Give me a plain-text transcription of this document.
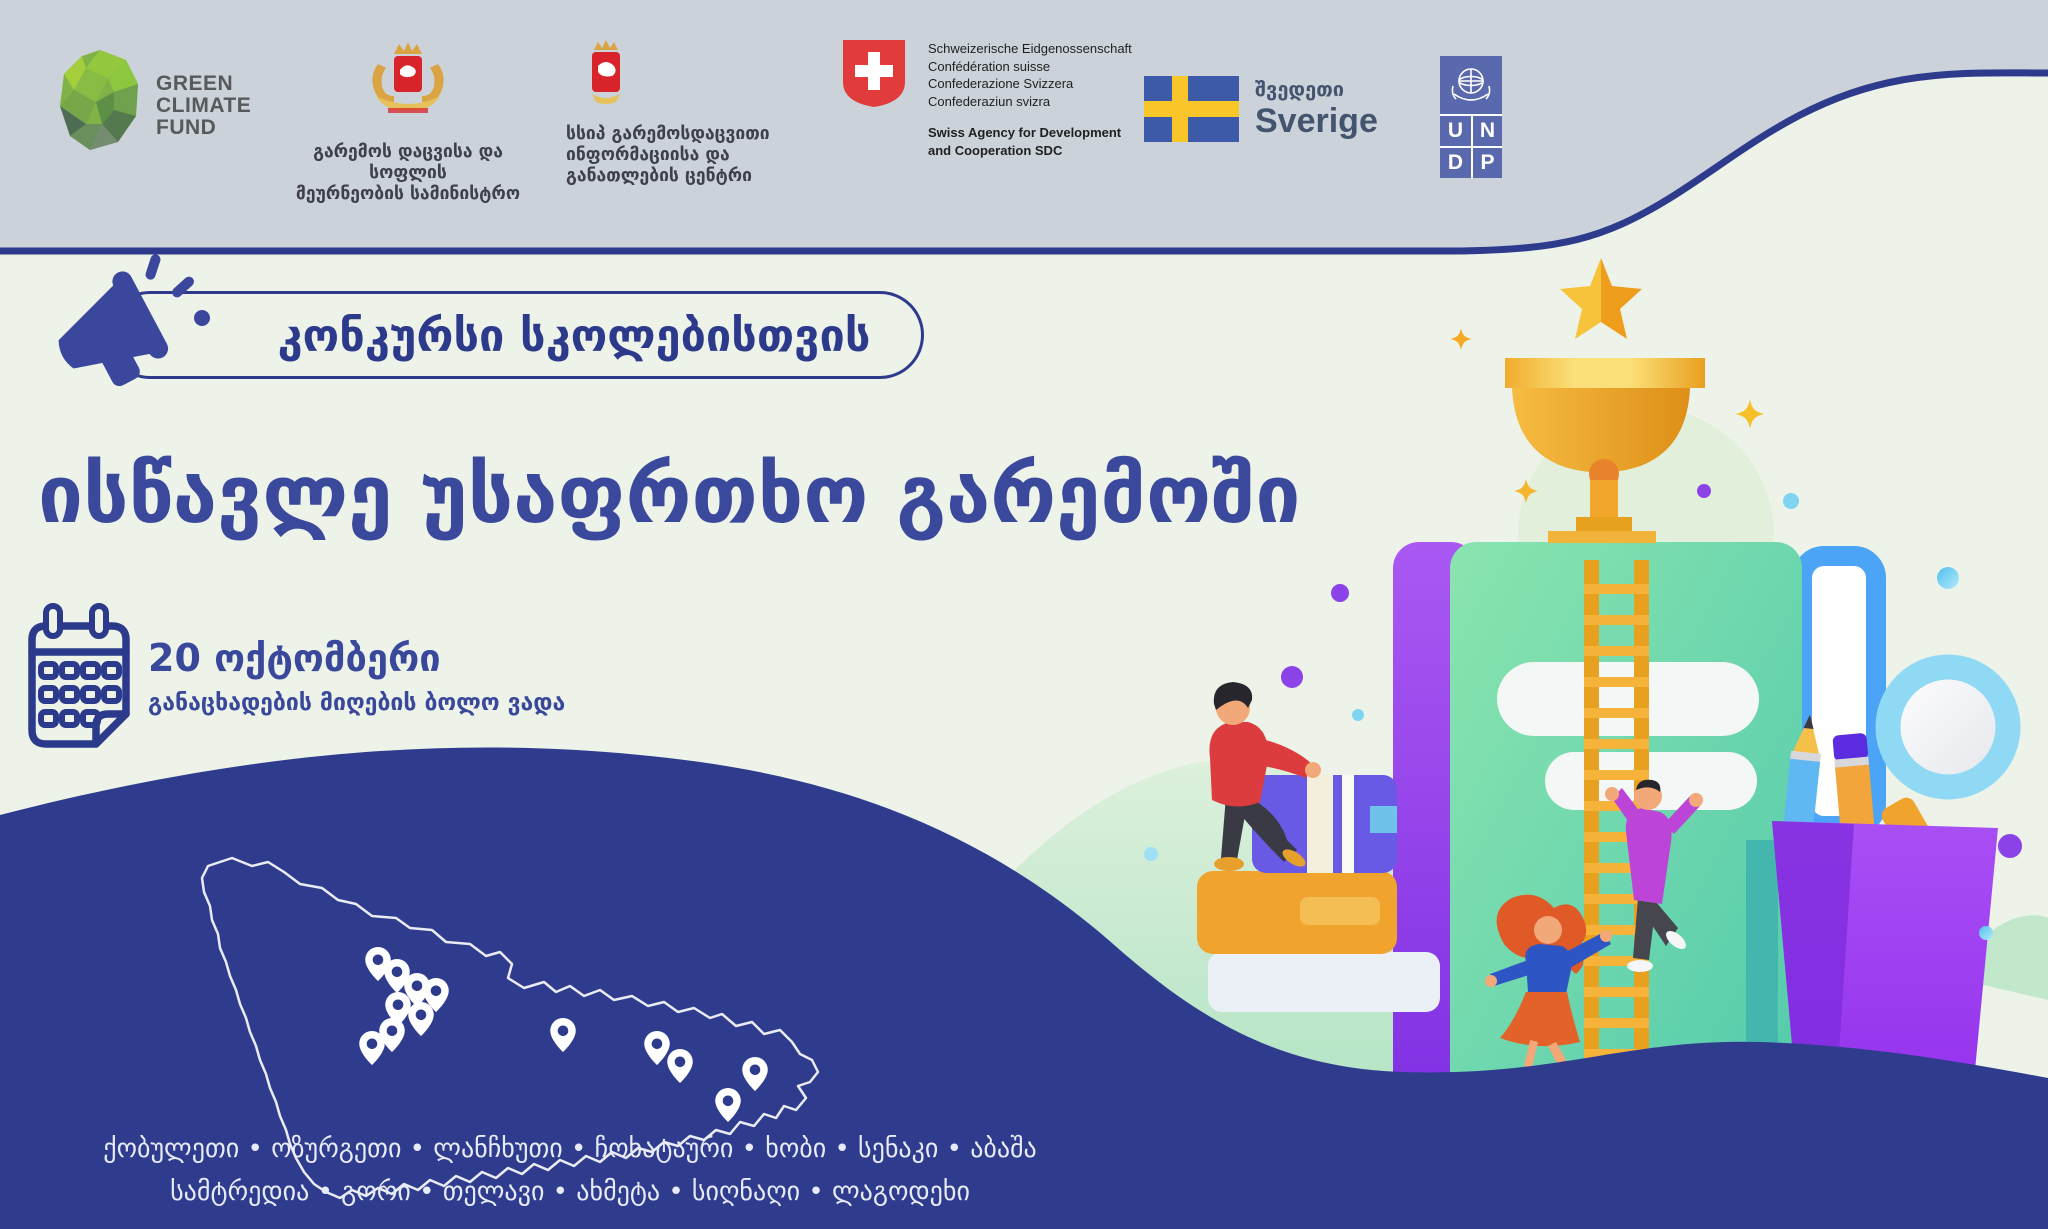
GREEN
CLIMATE
FUND
გარემოს დაცვისა და სოფლის
მეურნეობის სამინისტრო
სსიპ გარემოსდაცვითი
ინფორმაციისა და
განათლების ცენტრი
Schweizerische Eidgenossenschaft
Confédération suisse
Confederazione Svizzera
Confederaziun svizra
Swiss Agency for Development
and Cooperation SDC
შვედეთი
Sverige	U N
D P
კონკურსი სკოლებისთვის
ისწავლე უსაფრთხო გარემოში
20 ოქტომბერი
განაცხადების მიღების ბოლო ვადა
ქობულეთი • ოზურგეთი • ლანჩხუთი • ჩოხატაური • ხობი • სენაკი • აბაშა
სამტრედია • გორი • თელავი • ახმეტა • სიღნაღი • ლაგოდეხი
